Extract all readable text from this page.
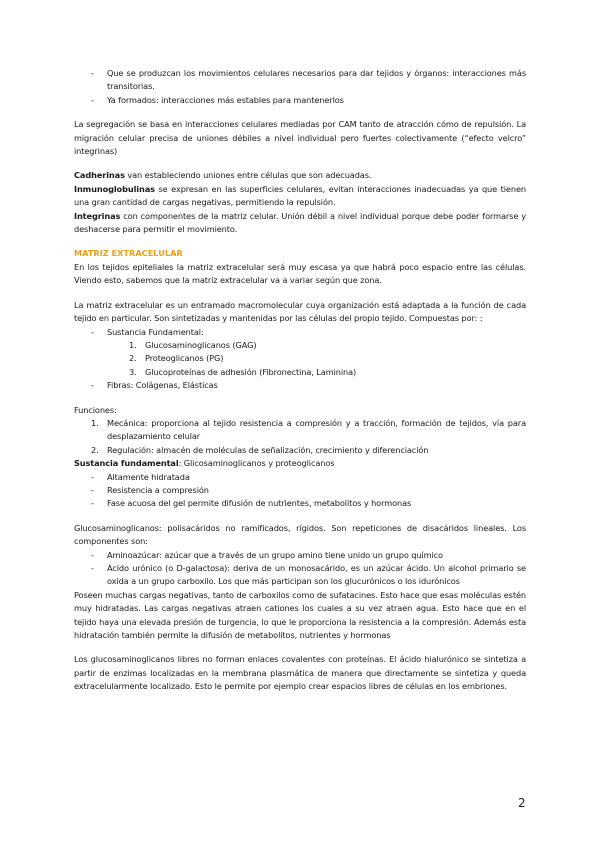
- Que se produzcan los movimientos celulares necesarios para dar tejidos y órganos: interacciones más transitorias.
- Ya formados: interacciones más estables para mantenerlos

La segregación se basa en interacciones celulares mediadas por CAM tanto de atracción cómo de repulsión. La migración celular precisa de uniones débiles a nivel individual pero fuertes colectivamente (“efecto velcro” integrinas)

Cadherinas van estableciendo uniones entre células que son adecuadas.

Inmunoglobulinas se expresan en las superficies celulares, evitan interacciones inadecuadas ya que tienen una gran cantidad de cargas negativas, permitiendo la repulsión.

Integrinas con componentes de la matriz celular. Unión débil a nivel individual porque debe poder formarse y deshacerse para permitir el movimiento.

MATRIZ EXTRACELULAR

En los tejidos epiteliales la matriz extracelular será muy escasa ya que habrá poco espacio entre las células. Viendo esto, sabemos que la matriz extracelular va a variar según que zona.

La matriz extracelular es un entramado macromolecular cuya organización está adaptada a la función de cada tejido en particular. Son sintetizadas y mantenidas por las células del propio tejido. Compuestas por: :

- Sustancia Fundamental:
1. Glucosaminoglicanos (GAG)
2. Proteoglicanos (PG)
3. Glucoproteínas de adhesión (Fibronectina, Laminina)
- Fibras: Colágenas, Elásticas

Funciones:

1. Mecánica: proporciona al tejido resistencia a compresión y a tracción, formación de tejidos, vía para desplazamiento celular
2. Regulación: almacén de moléculas de señalización, crecimiento y diferenciación

Sustancia fundamental: Glicosaminoglicanos y proteoglicanos

- Altamente hidratada
- Resistencia a compresión
- Fase acuosa del gel permite difusión de nutrientes, metabolitos y hormonas

Glucosaminoglicanos: polisacáridos no ramificados, rígidos. Son repeticiones de disacáridos lineales. Los componentes son:

- Aminoazúcar: azúcar que a través de un grupo amino tiene unido un grupo químico
- Ácido urónico (o D-galactosa): deriva de un monosacárido, es un azúcar ácido. Un alcohol primario se oxida a un grupo carboxilo. Los que más participan son los glucurónicos o los idurónicos

Poseen muchas cargas negativas, tanto de carboxilos como de sufatacines. Esto hace que esas moléculas estén muy hidratadas. Las cargas negativas atraen cationes los cuales a su vez atraen agua. Esto hace que en el tejido haya una elevada presión de turgencia, lo que le proporciona la resistencia a la compresión. Además esta hidratación también permite la difusión de metabolitos, nutrientes y hormonas

Los glucosaminoglicanos libres no forman enlaces covalentes con proteínas. El ácido hialurónico se sintetiza a partir de enzimas localizadas en la membrana plasmática de manera que directamente se sintetiza y queda extracelularmente localizado. Esto le permite por ejemplo crear espacios libres de células en los embriones.

2
